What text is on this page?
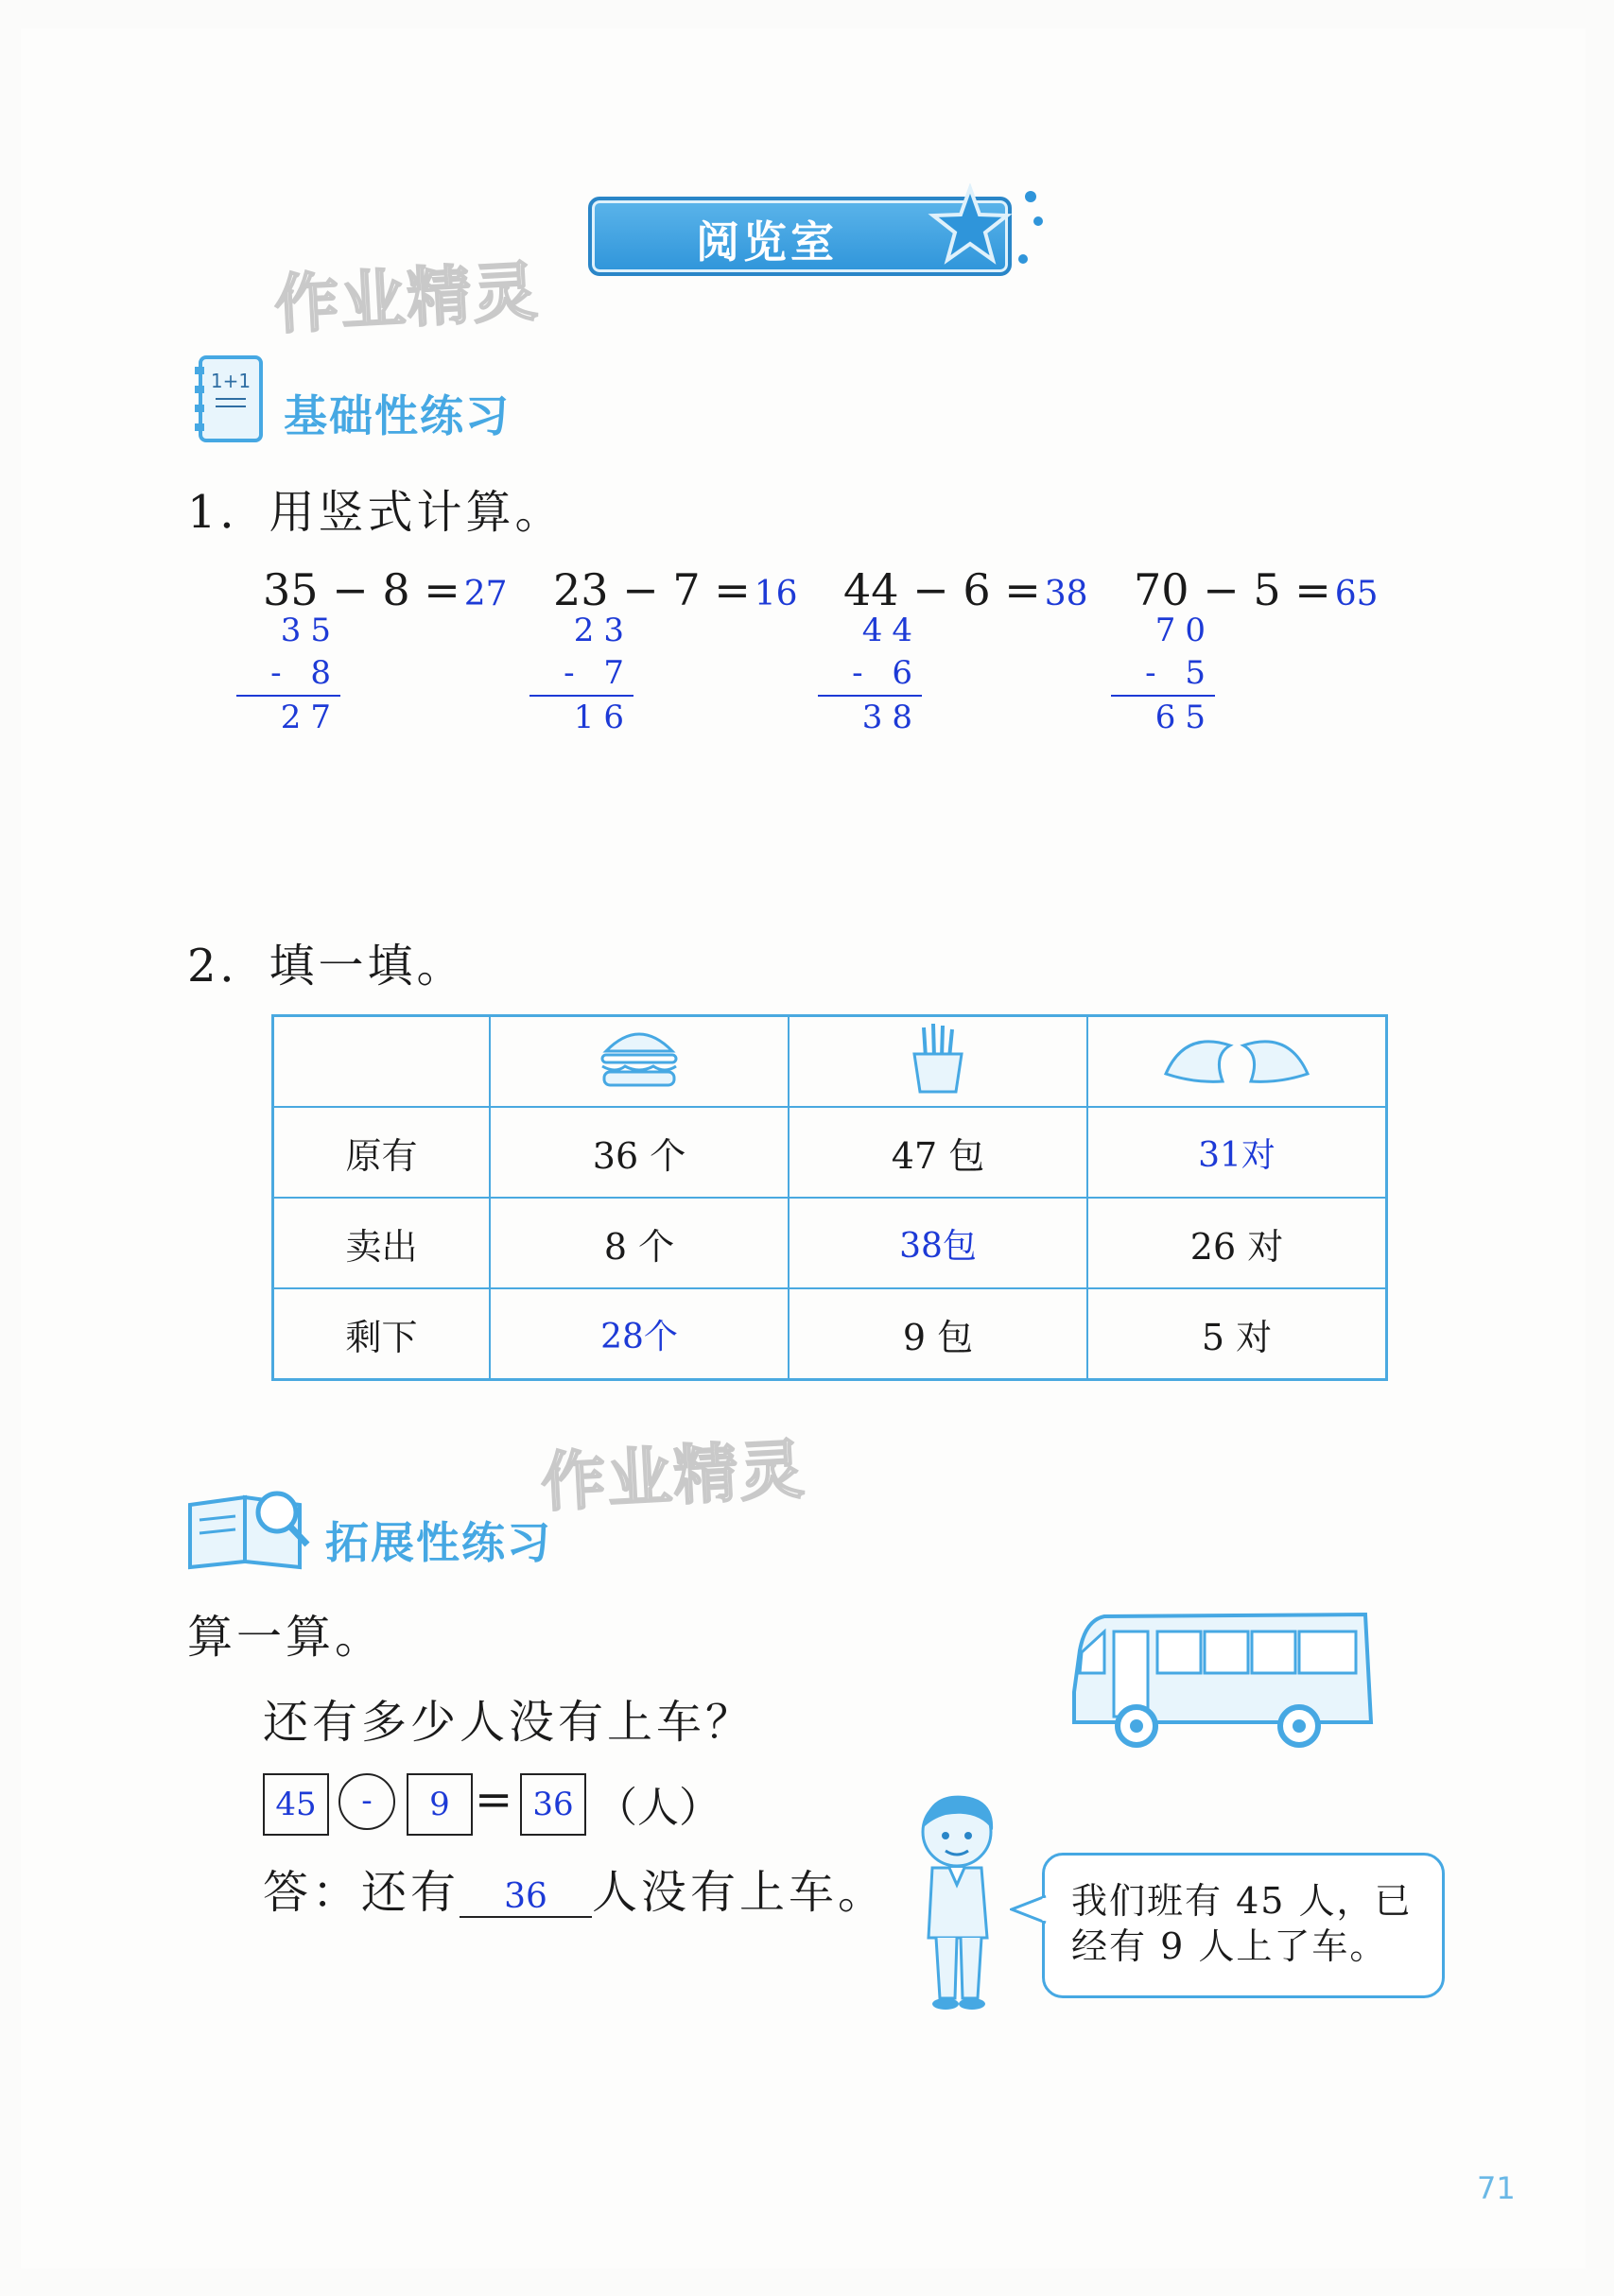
作业精灵
作业精灵
阅览室
1+1
基础性练习
1．用竖式计算。
35 − 8 = 27 23 − 7 = 16 44 − 6 = 38 70 − 5 = 65
35
- 8
27
23
- 7
16
44
- 6
38
70
- 5
65
2．填一填。

原有	36 个	47 包	31对
卖出	8 个	38包	26 对
剩下	28个	9 包	5 对
拓展性练习
算一算。
还有多少人没有上车？
45	-	9 = 36 （人）
答：还有 36 人没有上车。	我们班有 45 人，已经有 9 人上了车。
71
